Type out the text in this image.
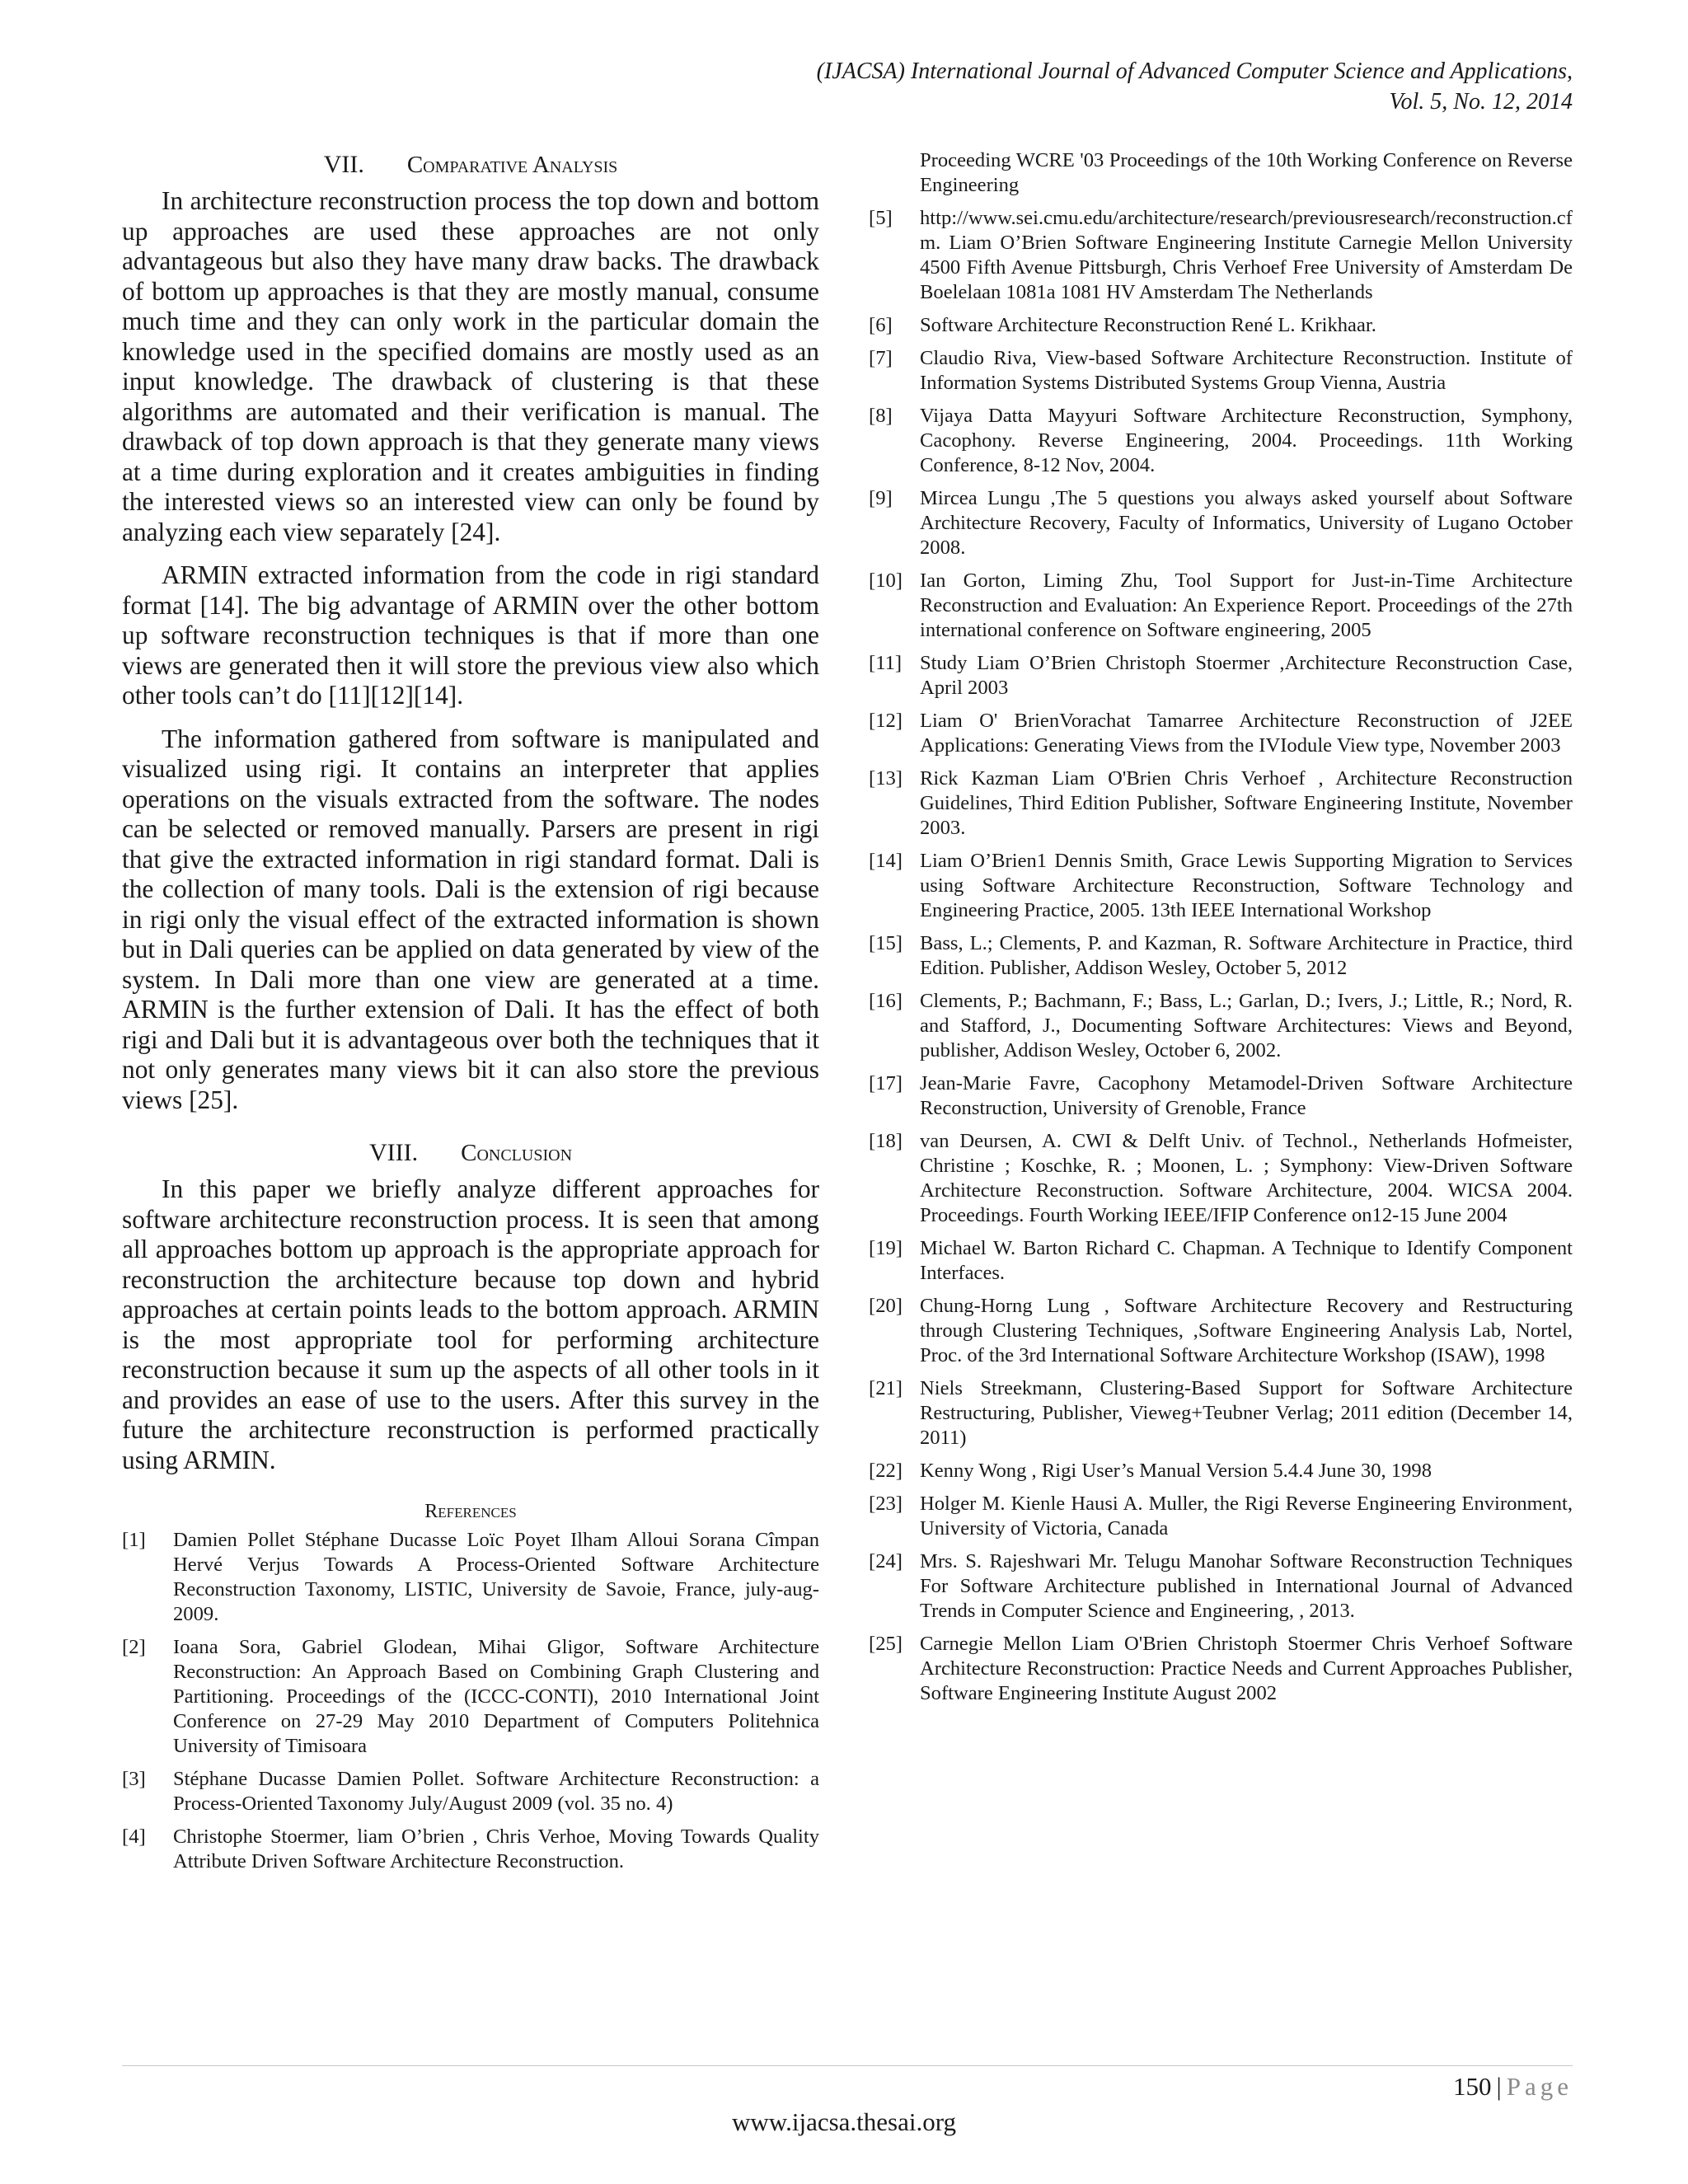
(IJACSA) International Journal of Advanced Computer Science and Applications,
Vol. 5, No. 12, 2014
VII. Comparative Analysis

In architecture reconstruction process the top down and bottom up approaches are used these approaches are not only advantageous but also they have many draw backs. The drawback of bottom up approaches is that they are mostly manual, consume much time and they can only work in the particular domain the knowledge used in the specified domains are mostly used as an input knowledge. The drawback of clustering is that these algorithms are automated and their verification is manual. The drawback of top down approach is that they generate many views at a time during exploration and it creates ambiguities in finding the interested views so an interested view can only be found by analyzing each view separately [24].

ARMIN extracted information from the code in rigi standard format [14]. The big advantage of ARMIN over the other bottom up software reconstruction techniques is that if more than one views are generated then it will store the previous view also which other tools can’t do [11][12][14].

The information gathered from software is manipulated and visualized using rigi. It contains an interpreter that applies operations on the visuals extracted from the software. The nodes can be selected or removed manually. Parsers are present in rigi that give the extracted information in rigi standard format. Dali is the collection of many tools. Dali is the extension of rigi because in rigi only the visual effect of the extracted information is shown but in Dali queries can be applied on data generated by view of the system. In Dali more than one view are generated at a time. ARMIN is the further extension of Dali. It has the effect of both rigi and Dali but it is advantageous over both the techniques that it not only generates many views bit it can also store the previous views [25].

VIII. Conclusion

In this paper we briefly analyze different approaches for software architecture reconstruction process. It is seen that among all approaches bottom up approach is the appropriate approach for reconstruction the architecture because top down and hybrid approaches at certain points leads to the bottom approach. ARMIN is the most appropriate tool for performing architecture reconstruction because it sum up the aspects of all other tools in it and provides an ease of use to the users. After this survey in the future the architecture reconstruction is performed practically using ARMIN.

References
[1]	Damien Pollet Stéphane Ducasse Loïc Poyet Ilham Alloui Sorana Cîmpan Hervé Verjus Towards A Process-Oriented Software Architecture Reconstruction Taxonomy, LISTIC, University de Savoie, France, july-aug-2009.
[2]	Ioana Sora, Gabriel Glodean, Mihai Gligor, Software Architecture Reconstruction: An Approach Based on Combining Graph Clustering and Partitioning. Proceedings of the (ICCC-CONTI), 2010 International Joint Conference on 27-29 May 2010 Department of Computers Politehnica University of Timisoara
[3]	Stéphane Ducasse Damien Pollet. Software Architecture Reconstruction: a Process-Oriented Taxonomy July/August 2009 (vol. 35 no. 4)
[4]	Christophe Stoermer, liam O’brien , Chris Verhoe, Moving Towards Quality Attribute Driven Software Architecture Reconstruction.
Proceeding WCRE '03 Proceedings of the 10th Working Conference on Reverse Engineering
[5]	http://www.sei.cmu.edu/architecture/research/previousresearch/reconstruction.cfm. Liam O’Brien Software Engineering Institute Carnegie Mellon University 4500 Fifth Avenue Pittsburgh, Chris Verhoef Free University of Amsterdam De Boelelaan 1081a 1081 HV Amsterdam The Netherlands
[6]	Software Architecture Reconstruction René L. Krikhaar.
[7]	Claudio Riva, View-based Software Architecture Reconstruction. Institute of Information Systems Distributed Systems Group Vienna, Austria
[8]	Vijaya Datta Mayyuri Software Architecture Reconstruction, Symphony, Cacophony. Reverse Engineering, 2004. Proceedings. 11th Working Conference, 8-12 Nov, 2004.
[9]	Mircea Lungu ,The 5 questions you always asked yourself about Software Architecture Recovery, Faculty of Informatics, University of Lugano October 2008.
[10] Ian Gorton, Liming Zhu, Tool Support for Just-in-Time Architecture Reconstruction and Evaluation: An Experience Report. Proceedings of the 27th international conference on Software engineering, 2005
[11] Study Liam O’Brien Christoph Stoermer ,Architecture Reconstruction Case, April 2003
[12] Liam O' BrienVorachat Tamarree Architecture Reconstruction of J2EE Applications: Generating Views from the IVIodule View type, November 2003
[13] Rick Kazman Liam O'Brien Chris Verhoef , Architecture Reconstruction Guidelines, Third Edition Publisher, Software Engineering Institute, November 2003.
[14] Liam O’Brien1 Dennis Smith, Grace Lewis Supporting Migration to Services using Software Architecture Reconstruction, Software Technology and Engineering Practice, 2005. 13th IEEE International Workshop
[15] Bass, L.; Clements, P. and Kazman, R. Software Architecture in Practice, third Edition. Publisher, Addison Wesley, October 5, 2012
[16] Clements, P.; Bachmann, F.; Bass, L.; Garlan, D.; Ivers, J.; Little, R.; Nord, R. and Stafford, J., Documenting Software Architectures: Views and Beyond, publisher, Addison Wesley, October 6, 2002.
[17] Jean-Marie Favre, Cacophony Metamodel-Driven Software Architecture Reconstruction, University of Grenoble, France
[18] van Deursen, A. CWI & Delft Univ. of Technol., Netherlands Hofmeister, Christine ; Koschke, R. ; Moonen, L. ; Symphony: View-Driven Software Architecture Reconstruction. Software Architecture, 2004. WICSA 2004. Proceedings. Fourth Working IEEE/IFIP Conference on12-15 June 2004
[19] Michael W. Barton Richard C. Chapman. A Technique to Identify Component Interfaces.
[20] Chung-Horng Lung , Software Architecture Recovery and Restructuring through Clustering Techniques, ,Software Engineering Analysis Lab, Nortel, Proc. of the 3rd International Software Architecture Workshop (ISAW), 1998
[21] Niels Streekmann, Clustering-Based Support for Software Architecture Restructuring, Publisher, Vieweg+Teubner Verlag; 2011 edition (December 14, 2011)
[22] Kenny Wong , Rigi User’s Manual Version 5.4.4 June 30, 1998
[23] Holger M. Kienle Hausi A. Muller, the Rigi Reverse Engineering Environment, University of Victoria, Canada
[24] Mrs. S. Rajeshwari Mr. Telugu Manohar Software Reconstruction Techniques For Software Architecture published in International Journal of Advanced Trends in Computer Science and Engineering, , 2013.
[25] Carnegie Mellon Liam O'Brien Christoph Stoermer Chris Verhoef Software Architecture Reconstruction: Practice Needs and Current Approaches Publisher, Software Engineering Institute August 2002
150 | Page
www.ijacsa.thesai.org
